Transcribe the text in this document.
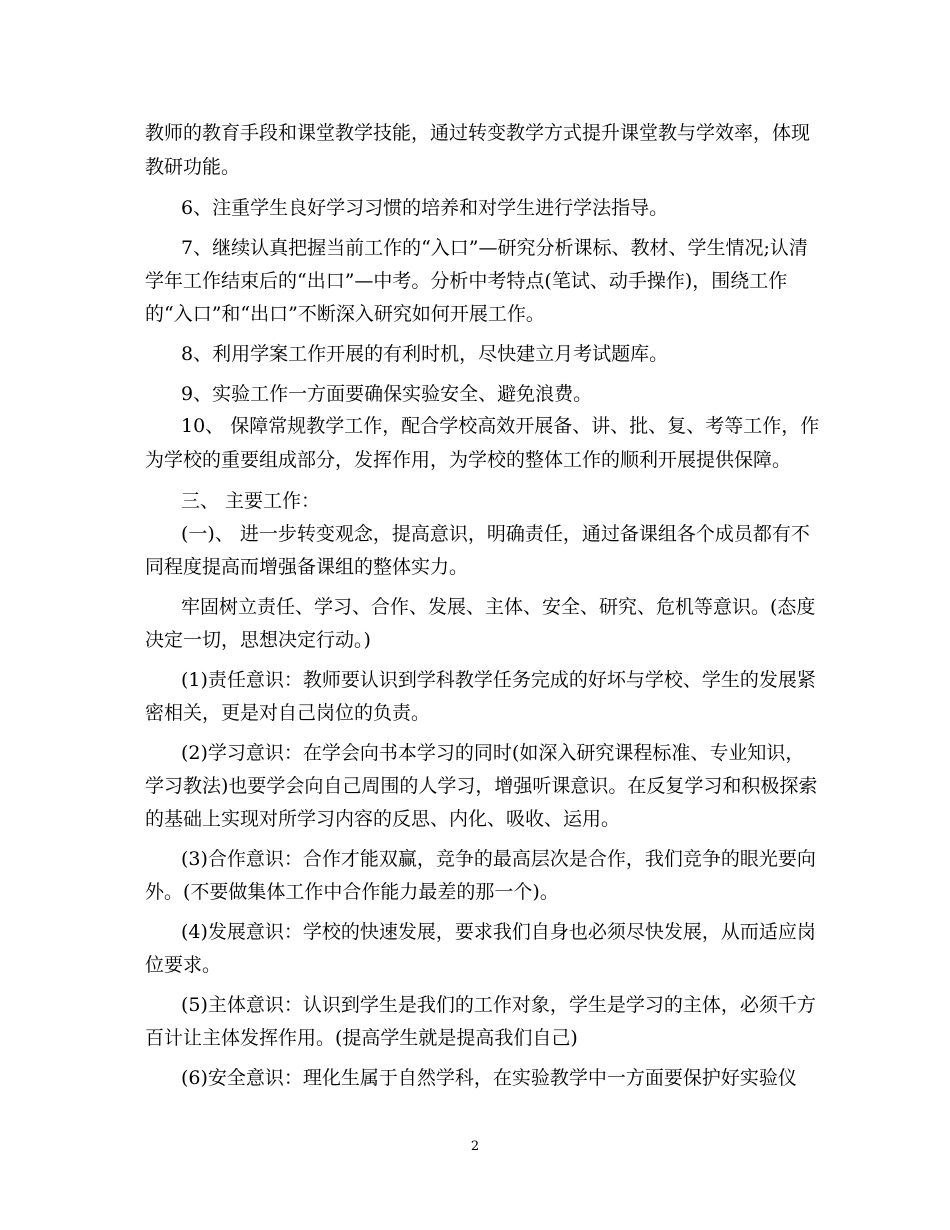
教师的教育手段和课堂教学技能，通过转变教学方式提升课堂教与学效率，体现
教研功能。
6、注重学生良好学习习惯的培养和对学生进行学法指导。
7、继续认真把握当前工作的“入口”—研究分析课标、教材、学生情况;认清
学年工作结束后的“出口”—中考。分析中考特点(笔试、动手操作)，围绕工作
的“入口”和“出口”不断深入研究如何开展工作。
8、利用学案工作开展的有利时机，尽快建立月考试题库。
9、实验工作一方面要确保实验安全、避免浪费。
10、 保障常规教学工作，配合学校高效开展备、讲、批、复、考等工作，作
为学校的重要组成部分，发挥作用，为学校的整体工作的顺利开展提供保障。
三、 主要工作：
(一)、 进一步转变观念，提高意识，明确责任，通过备课组各个成员都有不
同程度提高而增强备课组的整体实力。
牢固树立责任、学习、合作、发展、主体、安全、研究、危机等意识。(态度
决定一切，思想决定行动。)
(1)责任意识：教师要认识到学科教学任务完成的好坏与学校、学生的发展紧
密相关，更是对自己岗位的负责。
(2)学习意识：在学会向书本学习的同时(如深入研究课程标准、专业知识，
学习教法)也要学会向自己周围的人学习，增强听课意识。在反复学习和积极探索
的基础上实现对所学习内容的反思、内化、吸收、运用。
(3)合作意识：合作才能双赢，竞争的最高层次是合作，我们竞争的眼光要向
外。(不要做集体工作中合作能力最差的那一个)。
(4)发展意识：学校的快速发展，要求我们自身也必须尽快发展，从而适应岗
位要求。
(5)主体意识：认识到学生是我们的工作对象，学生是学习的主体，必须千方
百计让主体发挥作用。(提高学生就是提高我们自己)
(6)安全意识：理化生属于自然学科，在实验教学中一方面要保护好实验仪
2
